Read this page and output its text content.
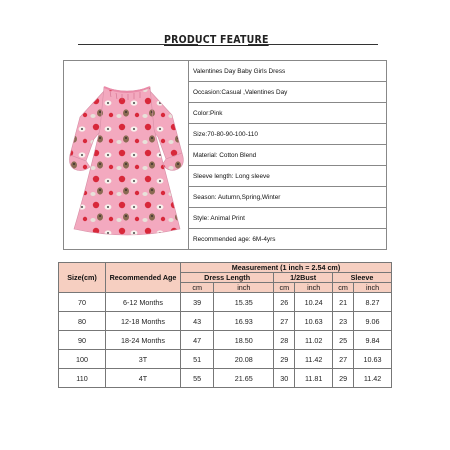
PRODUCT FEATURE
	Valentines Day Baby Girls Dress
Occasion:Casual ,Valentines Day
Color:Pink
Size:70-80-90-100-110
Material: Cotton Blend
Sleeve length: Long sleeve
Season: Autumn,Spring,Winter
Style: Animal Print
Recommended age: 6M-4yrs
Size(cm)	Recommended Age	Measurement (1 inch = 2.54 cm)					
		Dress Length		1/2Bust		Sleeve	
		cm	inch	cm	inch	cm	inch
70	6-12 Months	39	15.35	26	10.24	21	8.27
80	12-18 Months	43	16.93	27	10.63	23	9.06
90	18-24 Months	47	18.50	28	11.02	25	9.84
100	3T	51	20.08	29	11.42	27	10.63
110	4T	55	21.65	30	11.81	29	11.42
